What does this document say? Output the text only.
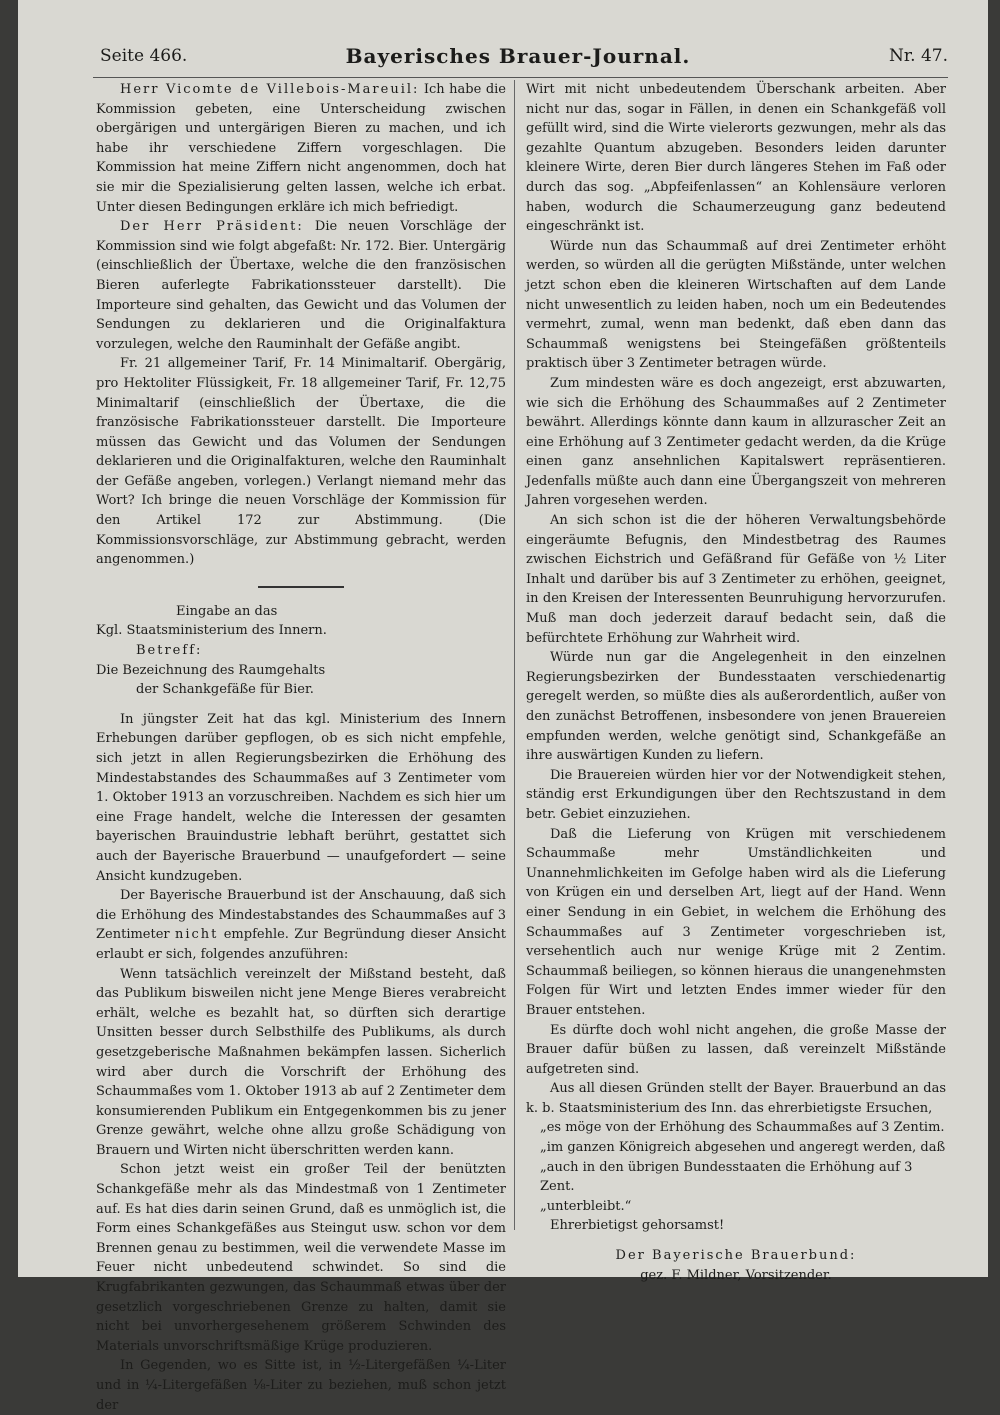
Seite 466.	Bayerisches Brauer-Journal.	Nr. 47.

Herr Vicomte de Villebois-Mareuil: Ich habe die Kommission gebeten, eine Unterscheidung zwischen obergärigen und untergärigen Bieren zu machen, und ich habe ihr verschiedene Ziffern vorgeschlagen. Die Kommission hat meine Ziffern nicht angenommen, doch hat sie mir die Spezialisierung gelten lassen, welche ich erbat. Unter diesen Bedingungen erkläre ich mich befriedigt.

Der Herr Präsident: Die neuen Vorschläge der Kommission sind wie folgt abgefaßt: Nr. 172. Bier. Untergärig (einschließlich der Übertaxe, welche die den französischen Bieren auferlegte Fabrikationssteuer darstellt). Die Importeure sind gehalten, das Gewicht und das Volumen der Sendungen zu deklarieren und die Originalfaktura vorzulegen, welche den Rauminhalt der Gefäße angibt.

Fr. 21 allgemeiner Tarif, Fr. 14 Minimaltarif. Obergärig, pro Hektoliter Flüssigkeit, Fr. 18 allgemeiner Tarif, Fr. 12,75 Minimaltarif (einschließlich der Übertaxe, die die französische Fabrikationssteuer darstellt. Die Importeure müssen das Gewicht und das Volumen der Sendungen deklarieren und die Originalfakturen, welche den Rauminhalt der Gefäße angeben, vorlegen.) Verlangt niemand mehr das Wort? Ich bringe die neuen Vorschläge der Kommission für den Artikel 172 zur Abstimmung. (Die Kommissionsvorschläge, zur Abstimmung gebracht, werden angenommen.)

Eingabe an das

Kgl. Staatsministerium des Innern.

Betreff:

Die Bezeichnung des Raumgehalts

der Schankgefäße für Bier.

In jüngster Zeit hat das kgl. Ministerium des Innern Erhebungen darüber gepflogen, ob es sich nicht empfehle, sich jetzt in allen Regierungsbezirken die Erhöhung des Mindestabstandes des Schaummaßes auf 3 Zentimeter vom 1. Oktober 1913 an vorzuschreiben. Nachdem es sich hier um eine Frage handelt, welche die Interessen der gesamten bayerischen Brauindustrie lebhaft berührt, gestattet sich auch der Bayerische Brauerbund — unaufgefordert — seine Ansicht kundzugeben.

Der Bayerische Brauerbund ist der Anschauung, daß sich die Erhöhung des Mindestabstandes des Schaummaßes auf 3 Zentimeter nicht empfehle. Zur Begründung dieser Ansicht erlaubt er sich, folgendes anzuführen:

Wenn tatsächlich vereinzelt der Mißstand besteht, daß das Publikum bisweilen nicht jene Menge Bieres verabreicht erhält, welche es bezahlt hat, so dürften sich derartige Unsitten besser durch Selbsthilfe des Publikums, als durch gesetzgeberische Maßnahmen bekämpfen lassen. Sicherlich wird aber durch die Vorschrift der Erhöhung des Schaummaßes vom 1. Oktober 1913 ab auf 2 Zentimeter dem konsumierenden Publikum ein Entgegenkommen bis zu jener Grenze gewährt, welche ohne allzu große Schädigung von Brauern und Wirten nicht überschritten werden kann.

Schon jetzt weist ein großer Teil der benützten Schankgefäße mehr als das Mindestmaß von 1 Zentimeter auf. Es hat dies darin seinen Grund, daß es unmöglich ist, die Form eines Schankgefäßes aus Steingut usw. schon vor dem Brennen genau zu bestimmen, weil die verwendete Masse im Feuer nicht unbedeutend schwindet. So sind die Krugfabrikanten gezwungen, das Schaummaß etwas über der gesetzlich vorgeschriebenen Grenze zu halten, damit sie nicht bei unvorhergesehenem größerem Schwinden des Materials unvorschriftsmäßige Krüge produzieren.

In Gegenden, wo es Sitte ist, in ½-Litergefäßen ¼-Liter und in ¼-Litergefäßen ⅛-Liter zu beziehen, muß schon jetzt der

Wirt mit nicht unbedeutendem Überschank arbeiten. Aber nicht nur das, sogar in Fällen, in denen ein Schankgefäß voll gefüllt wird, sind die Wirte vielerorts gezwungen, mehr als das gezahlte Quantum abzugeben. Besonders leiden darunter kleinere Wirte, deren Bier durch längeres Stehen im Faß oder durch das sog. „Abpfeifenlassen“ an Kohlensäure verloren haben, wodurch die Schaumerzeugung ganz bedeutend eingeschränkt ist.

Würde nun das Schaummaß auf drei Zentimeter erhöht werden, so würden all die gerügten Mißstände, unter welchen jetzt schon eben die kleineren Wirtschaften auf dem Lande nicht unwesentlich zu leiden haben, noch um ein Bedeutendes vermehrt, zumal, wenn man bedenkt, daß eben dann das Schaummaß wenigstens bei Steingefäßen größtenteils praktisch über 3 Zentimeter betragen würde.

Zum mindesten wäre es doch angezeigt, erst abzuwarten, wie sich die Erhöhung des Schaummaßes auf 2 Zentimeter bewährt. Allerdings könnte dann kaum in allzurascher Zeit an eine Erhöhung auf 3 Zentimeter gedacht werden, da die Krüge einen ganz ansehnlichen Kapitalswert repräsentieren. Jedenfalls müßte auch dann eine Übergangszeit von mehreren Jahren vorgesehen werden.

An sich schon ist die der höheren Verwaltungsbehörde eingeräumte Befugnis, den Mindestbetrag des Raumes zwischen Eichstrich und Gefäßrand für Gefäße von ½ Liter Inhalt und darüber bis auf 3 Zentimeter zu erhöhen, geeignet, in den Kreisen der Interessenten Beunruhigung hervorzurufen. Muß man doch jederzeit darauf bedacht sein, daß die befürchtete Erhöhung zur Wahrheit wird.

Würde nun gar die Angelegenheit in den einzelnen Regierungsbezirken der Bundesstaaten verschiedenartig geregelt werden, so müßte dies als außerordentlich, außer von den zunächst Betroffenen, insbesondere von jenen Brauereien empfunden werden, welche genötigt sind, Schankgefäße an ihre auswärtigen Kunden zu liefern.

Die Brauereien würden hier vor der Notwendigkeit stehen, ständig erst Erkundigungen über den Rechtszustand in dem betr. Gebiet einzuziehen.

Daß die Lieferung von Krügen mit verschiedenem Schaummaße mehr Umständlichkeiten und Unannehmlichkeiten im Gefolge haben wird als die Lieferung von Krügen ein und derselben Art, liegt auf der Hand. Wenn einer Sendung in ein Gebiet, in welchem die Erhöhung des Schaummaßes auf 3 Zentimeter vorgeschrieben ist, versehentlich auch nur wenige Krüge mit 2 Zentim. Schaummaß beiliegen, so können hieraus die unangenehmsten Folgen für Wirt und letzten Endes immer wieder für den Brauer entstehen.

Es dürfte doch wohl nicht angehen, die große Masse der Brauer dafür büßen zu lassen, daß vereinzelt Mißstände aufgetreten sind.

Aus all diesen Gründen stellt der Bayer. Brauerbund an das k. b. Staatsministerium des Inn. das ehrerbietigste Ersuchen,

„es möge von der Erhöhung des Schaummaßes auf 3 Zentim.

„im ganzen Königreich abgesehen und angeregt werden, daß

„auch in den übrigen Bundesstaaten die Erhöhung auf 3 Zent.

„unterbleibt.“

Ehrerbietigst gehorsamst!

Der Bayerische Brauerbund:

gez. F. Mildner, Vorsitzender.
